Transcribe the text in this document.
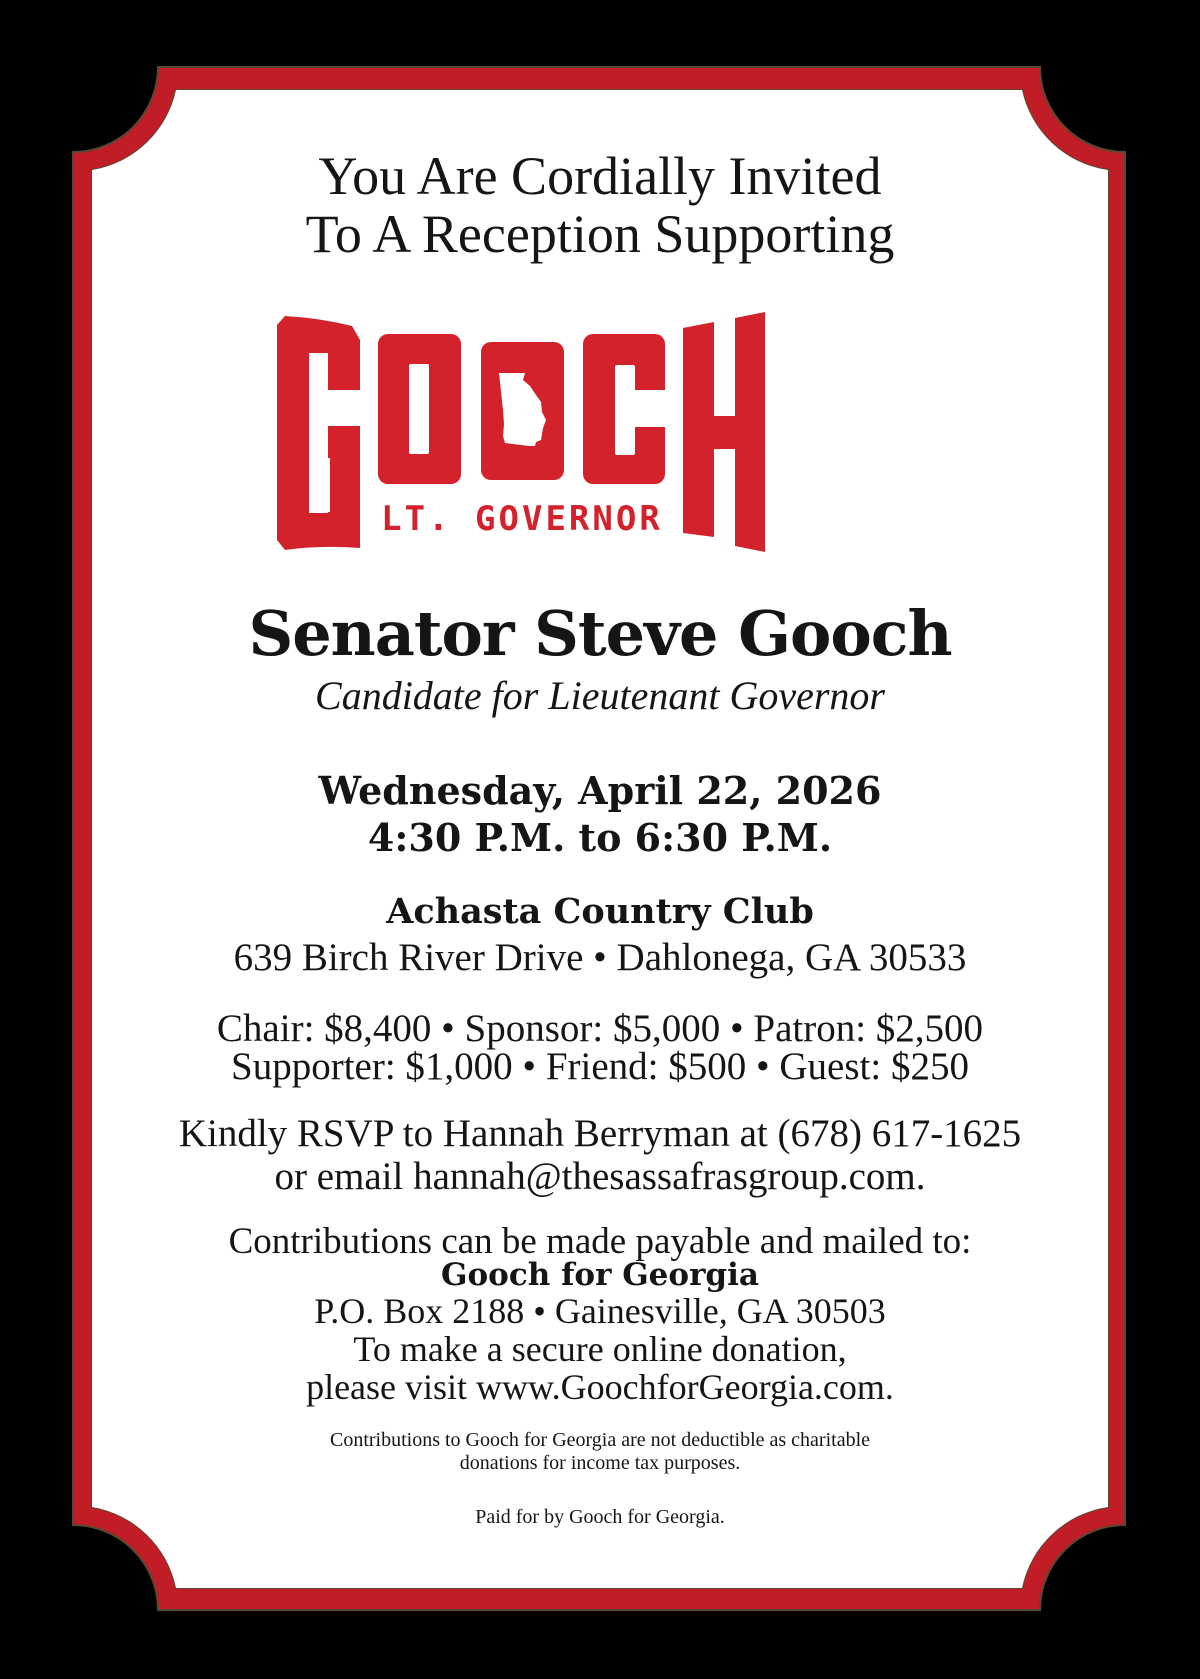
LT. GOVERNOR
You Are Cordially Invited
To A Reception Supporting
Senator Steve Gooch
Candidate for Lieutenant Governor
Wednesday, April 22, 2026
4:30 P.M. to 6:30 P.M.
Achasta Country Club
639 Birch River Drive • Dahlonega, GA 30533
Chair: $8,400 • Sponsor: $5,000 • Patron: $2,500
Supporter: $1,000 • Friend: $500 • Guest: $250
Kindly RSVP to Hannah Berryman at (678) 617-1625
or email hannah@thesassafrasgroup.com.
Contributions can be made payable and mailed to:
Gooch for Georgia
P.O. Box 2188 • Gainesville, GA 30503
To make a secure online donation,
please visit www.GoochforGeorgia.com.
Contributions to Gooch for Georgia are not deductible as charitable
donations for income tax purposes.
Paid for by Gooch for Georgia.
